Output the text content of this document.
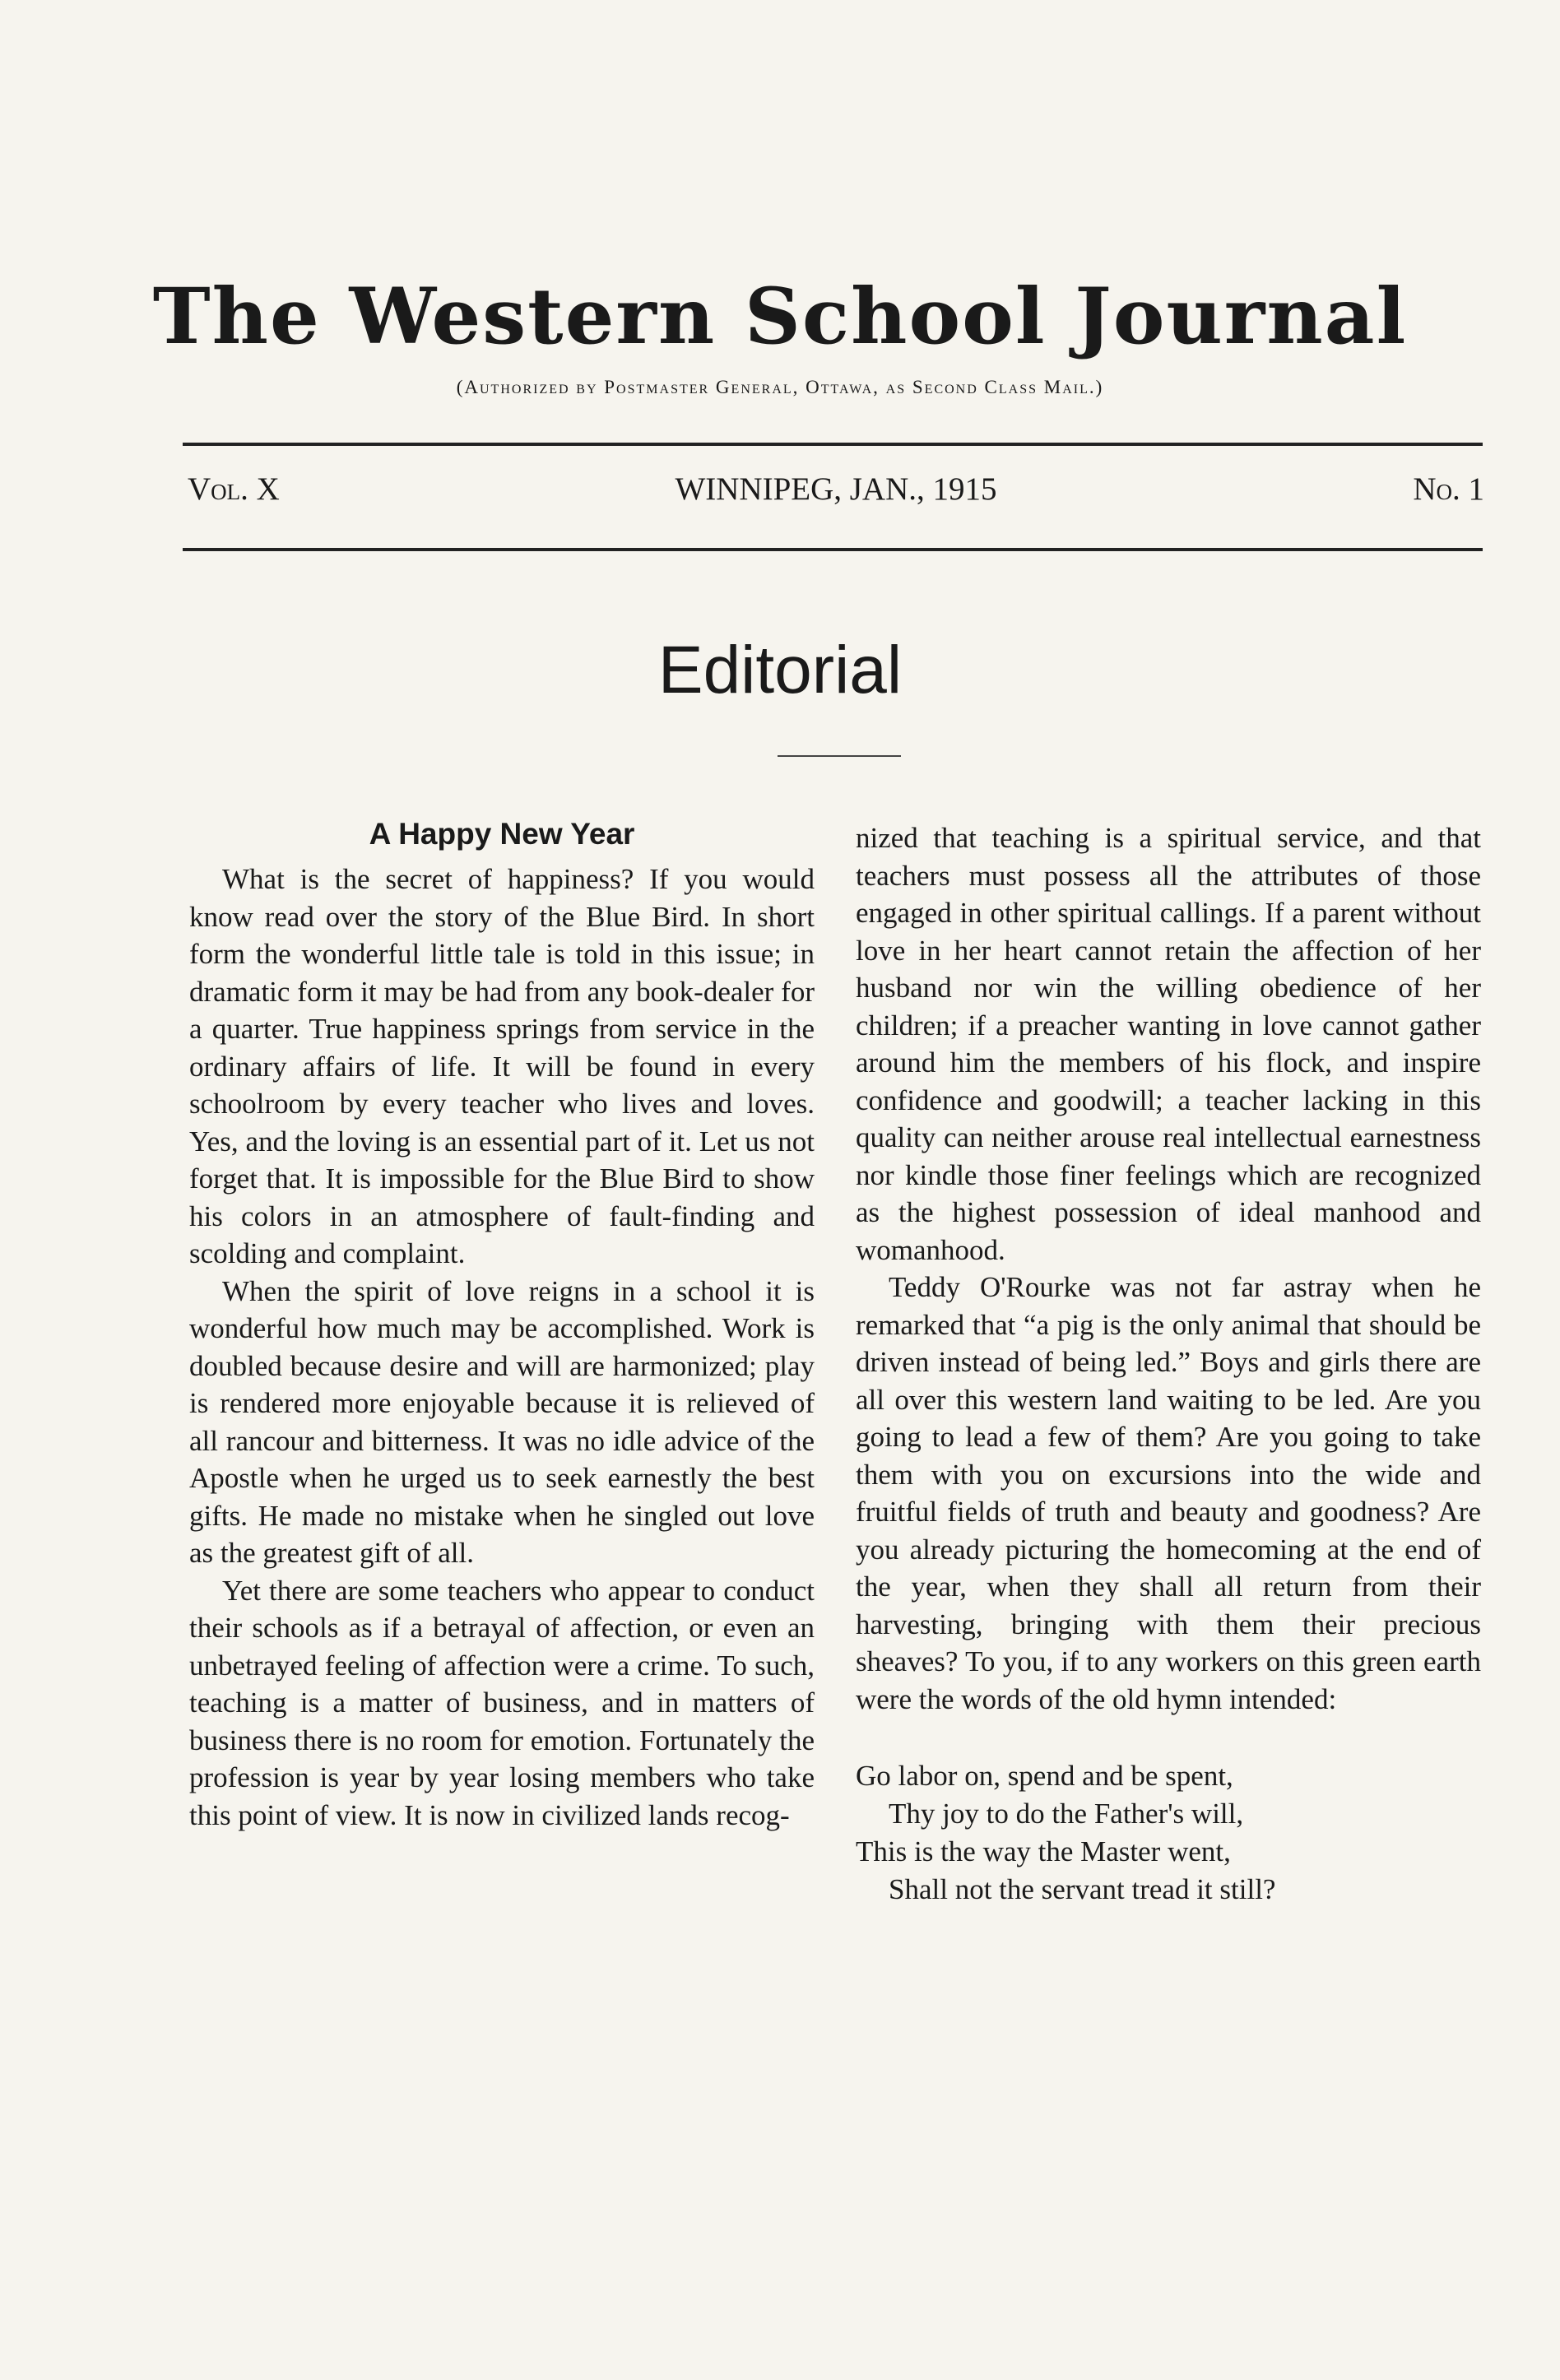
The Western School Journal
(Authorized by Postmaster General, Ottawa, as Second Class Mail.)
Vol. X	WINNIPEG, JAN., 1915	No. 1
Editorial
A Happy New Year

What is the secret of happiness? If you would know read over the story of the Blue Bird. In short form the wonderful little tale is told in this issue; in dramatic form it may be had from any book-dealer for a quarter. True happiness springs from service in the ordinary affairs of life. It will be found in every schoolroom by every teacher who lives and loves. Yes, and the loving is an essential part of it. Let us not forget that. It is impossible for the Blue Bird to show his colors in an atmosphere of fault-finding and scolding and complaint.

When the spirit of love reigns in a school it is wonderful how much may be accomplished. Work is doubled because desire and will are harmonized; play is rendered more enjoyable because it is relieved of all rancour and bitterness. It was no idle advice of the Apostle when he urged us to seek earnestly the best gifts. He made no mistake when he singled out love as the greatest gift of all.

Yet there are some teachers who appear to conduct their schools as if a betrayal of affection, or even an unbetrayed feeling of affection were a crime. To such, teaching is a matter of business, and in matters of business there is no room for emotion. Fortunately the profession is year by year losing members who take this point of view. It is now in civilized lands recog-

nized that teaching is a spiritual service, and that teachers must possess all the attributes of those engaged in other spiritual callings. If a parent without love in her heart cannot retain the affection of her husband nor win the willing obedience of her children; if a preacher wanting in love cannot gather around him the members of his flock, and inspire confidence and goodwill; a teacher lacking in this quality can neither arouse real intellectual earnestness nor kindle those finer feelings which are recognized as the highest possession of ideal manhood and womanhood.

Teddy O'Rourke was not far astray when he remarked that “a pig is the only animal that should be driven instead of being led.” Boys and girls there are all over this western land waiting to be led. Are you going to lead a few of them? Are you going to take them with you on excursions into the wide and fruitful fields of truth and beauty and goodness? Are you already picturing the homecoming at the end of the year, when they shall all return from their harvesting, bringing with them their precious sheaves? To you, if to any workers on this green earth were the words of the old hymn intended:

Go labor on, spend and be spent,
Thy joy to do the Father's will,
This is the way the Master went,
Shall not the servant tread it still?
